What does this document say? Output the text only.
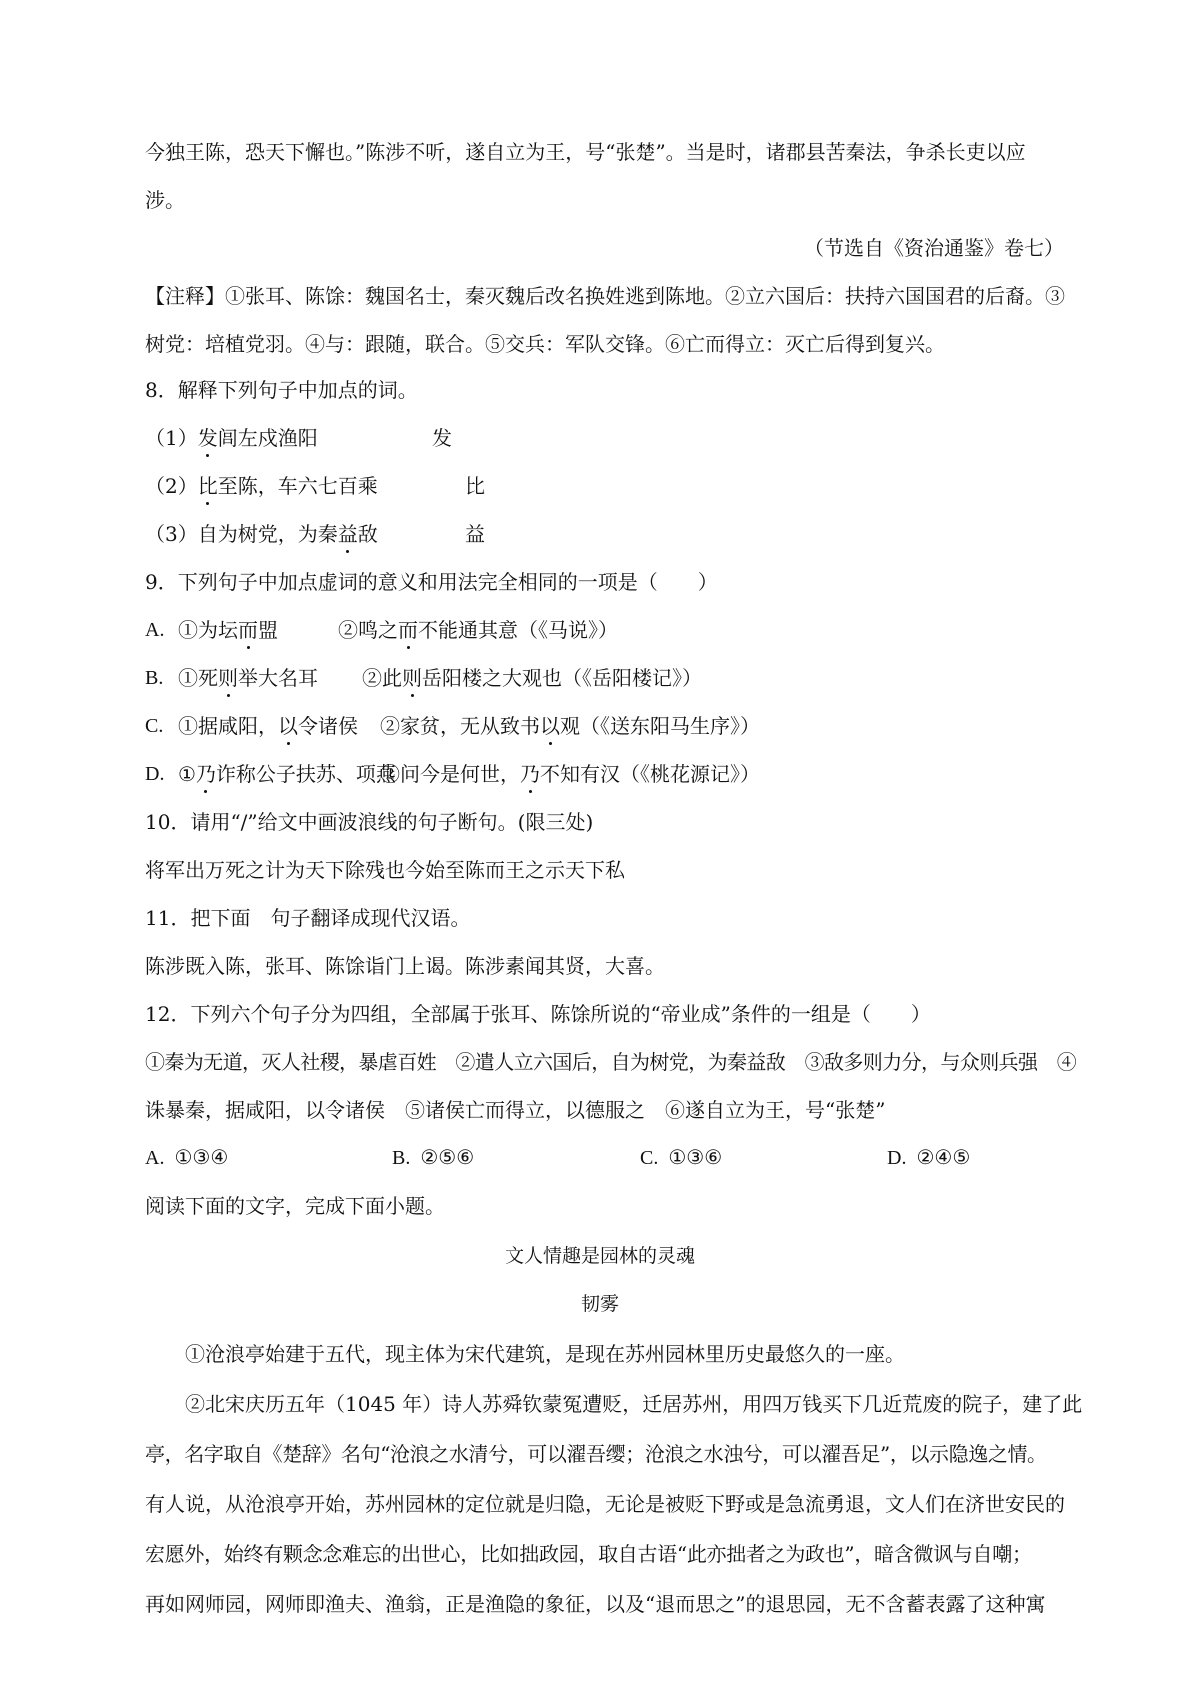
今独王陈，恐天下懈也。”陈涉不听，遂自立为王，号“张楚”。当是时，诸郡县苦秦法，争杀长吏以应
涉。
（节选自《资治通鉴》卷七）
【注释】①张耳、陈馀：魏国名士，秦灭魏后改名换姓逃到陈地。②立六国后：扶持六国国君的后裔。③
树党：培植党羽。④与：跟随，联合。⑤交兵：军队交锋。⑥亡而得立：灭亡后得到复兴。
8．解释下列句子中加点的词。
（1）发闾左戍渔阳	发
（2）比至陈，车六七百乘	比
（3）自为树党，为秦益敌	益
9．下列句子中加点虚词的意义和用法完全相同的一项是（　　）
A. ①为坛而盟	②鸣之而不能通其意（《马说》）
B. ①死则举大名耳 ②此则岳阳楼之大观也（《岳阳楼记》）
C. ①据咸阳，以令诸侯 ②家贫，无从致书以观（《送东阳马生序》）
D. ①乃诈称公子扶苏、项燕
②问今是何世，乃不知有汉（《桃花源记》）
10．请用“/”给文中画波浪线的句子断句。(限三处)
将军出万死之计为天下除残也今始至陈而王之示天下私
11．把下面　句子翻译成现代汉语。
陈涉既入陈，张耳、陈馀诣门上谒。陈涉素闻其贤，大喜。
12．下列六个句子分为四组，全部属于张耳、陈馀所说的“帝业成”条件的一组是（　　）
①秦为无道，灭人社稷，暴虐百姓　②遣人立六国后，自为树党，为秦益敌　③敌多则力分，与众则兵强　④
诛暴秦，据咸阳，以令诸侯　⑤诸侯亡而得立，以德服之　⑥遂自立为王，号“张楚”
A. ①③④	B. ②⑤⑥	C. ①③⑥	D. ②④⑤
阅读下面的文字，完成下面小题。
文人情趣是园林的灵魂
韧雾
①沧浪亭始建于五代，现主体为宋代建筑，是现在苏州园林里历史最悠久的一座。
②北宋庆历五年（1045 年）诗人苏舜钦蒙冤遭贬，迁居苏州，用四万钱买下几近荒废的院子，建了此
亭，名字取自《楚辞》名句“沧浪之水清兮，可以濯吾缨；沧浪之水浊兮，可以濯吾足”，以示隐逸之情。
有人说，从沧浪亭开始，苏州园林的定位就是归隐，无论是被贬下野或是急流勇退，文人们在济世安民的
宏愿外，始终有颗念念难忘的出世心，比如拙政园，取自古语“此亦拙者之为政也”，暗含微讽与自嘲；
再如网师园，网师即渔夫、渔翁，正是渔隐的象征，以及“退而思之”的退思园，无不含蓄表露了这种寓
